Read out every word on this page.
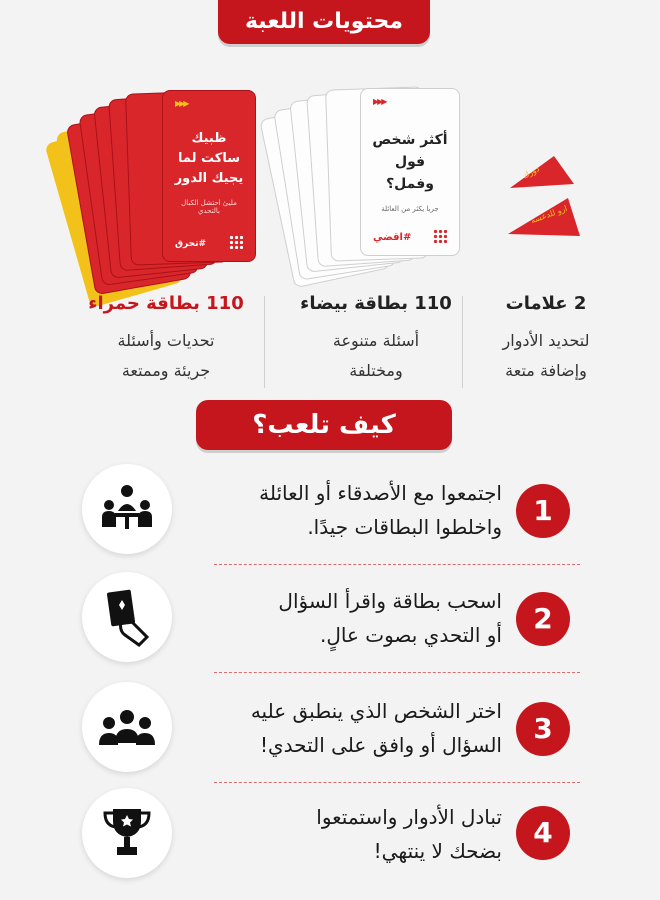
محتويات اللعبة
▶▶▶
ظبيك ساكت لما يجيك الدور
مليئ احتشل الكبال بالتحدي
#تحرق
▶▶▶
أكثر شخص فول وفمل؟
جربا يكثر من العائلة
#اقضي
دورك
ارو للدعسه
110 بطاقة حمراء
تحديات وأسئلة
جريئة وممتعة
110 بطاقة بيضاء
أسئلة متنوعة
ومختلفة
2 علامات
لتحديد الأدوار
وإضافة متعة
كيف تلعب؟
1
اجتمعوا مع الأصدقاء أو العائلة
واخلطوا البطاقات جيدًا.
2
اسحب بطاقة واقرأ السؤال
أو التحدي بصوت عالٍ.
3
اختر الشخص الذي ينطبق عليه
السؤال أو وافق على التحدي!
4
تبادل الأدوار واستمتعوا
بضحك لا ينتهي!
